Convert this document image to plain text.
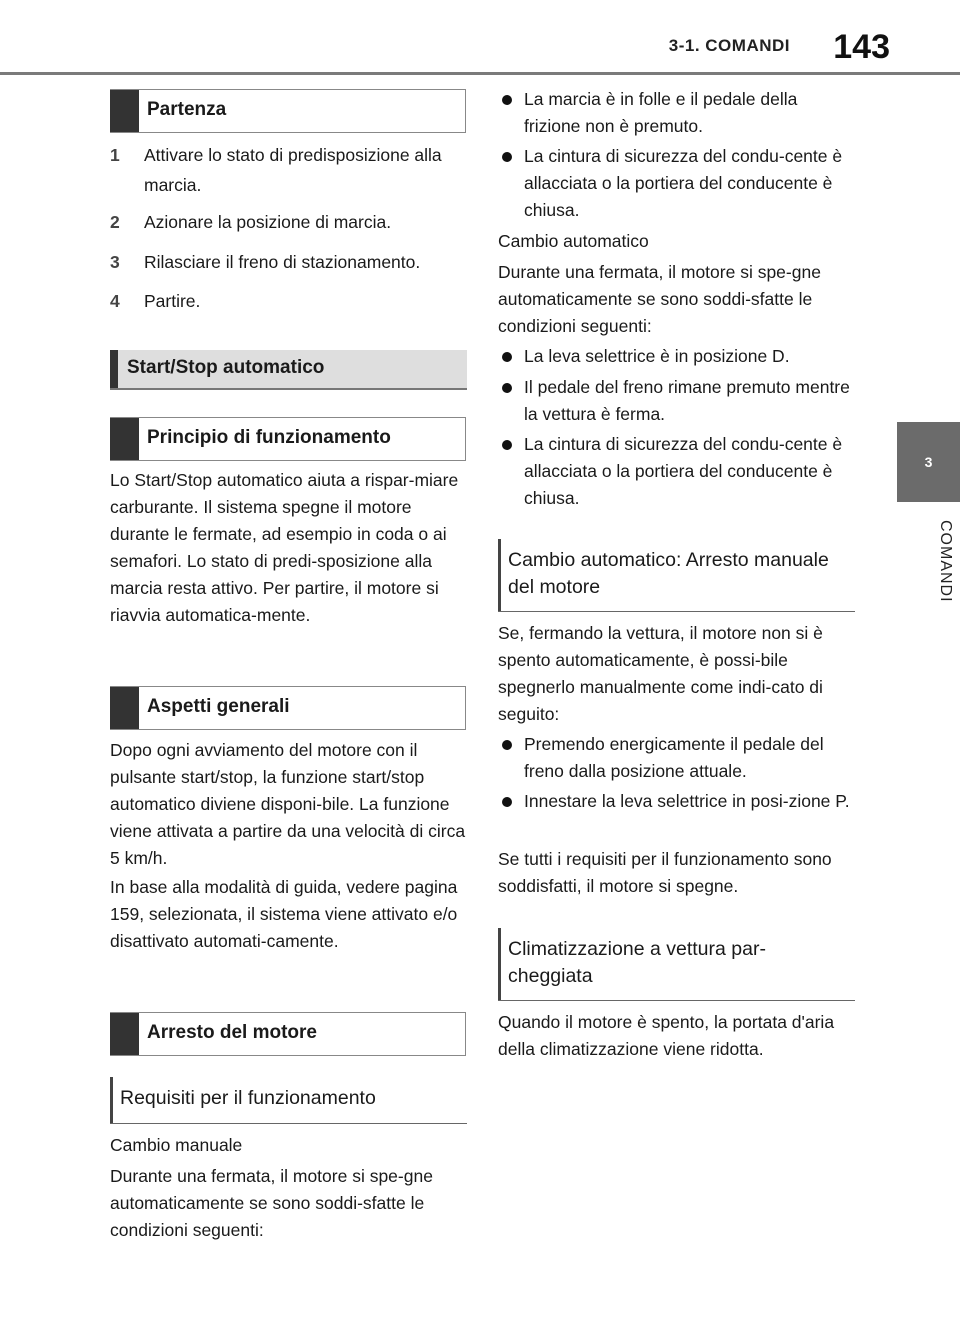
3-1. COMANDI	143
3
COMANDI
Partenza
1 Attivare lo stato di predisposizione alla marcia.
2 Azionare la posizione di marcia.
3 Rilasciare il freno di stazionamento.
4 Partire.
Start/Stop automatico
Principio di funzionamento

Lo Start/Stop automatico aiuta a rispar-miare carburante. Il sistema spegne il motore durante le fermate, ad esempio in coda o ai semafori. Lo stato di predi-sposizione alla marcia resta attivo. Per partire, il motore si riavvia automatica-mente.

Aspetti generali

Dopo ogni avviamento del motore con il pulsante start/stop, la funzione start/stop automatico diviene disponi-bile. La funzione viene attivata a partire da una velocità di circa 5 km/h.

In base alla modalità di guida, vedere pagina 159, selezionata, il sistema viene attivato e/o disattivato automati-camente.

Arresto del motore
Requisiti per il funzionamento

Cambio manuale

Durante una fermata, il motore si spe-gne automaticamente se sono soddi-sfatte le condizioni seguenti:

La marcia è in folle e il pedale della frizione non è premuto.
La cintura di sicurezza del condu-cente è allacciata o la portiera del conducente è chiusa.

Cambio automatico

Durante una fermata, il motore si spe-gne automaticamente se sono soddi-sfatte le condizioni seguenti:

La leva selettrice è in posizione D.
Il pedale del freno rimane premuto mentre la vettura è ferma.
La cintura di sicurezza del condu-cente è allacciata o la portiera del conducente è chiusa.
Cambio automatico: Arresto manuale del motore

Se, fermando la vettura, il motore non si è spento automaticamente, è possi-bile spegnerlo manualmente come indi-cato di seguito:

Premendo energicamente il pedale del freno dalla posizione attuale.
Innestare la leva selettrice in posi-zione P.

Se tutti i requisiti per il funzionamento sono soddisfatti, il motore si spegne.

Climatizzazione a vettura par-cheggiata

Quando il motore è spento, la portata d'aria della climatizzazione viene ridotta.
